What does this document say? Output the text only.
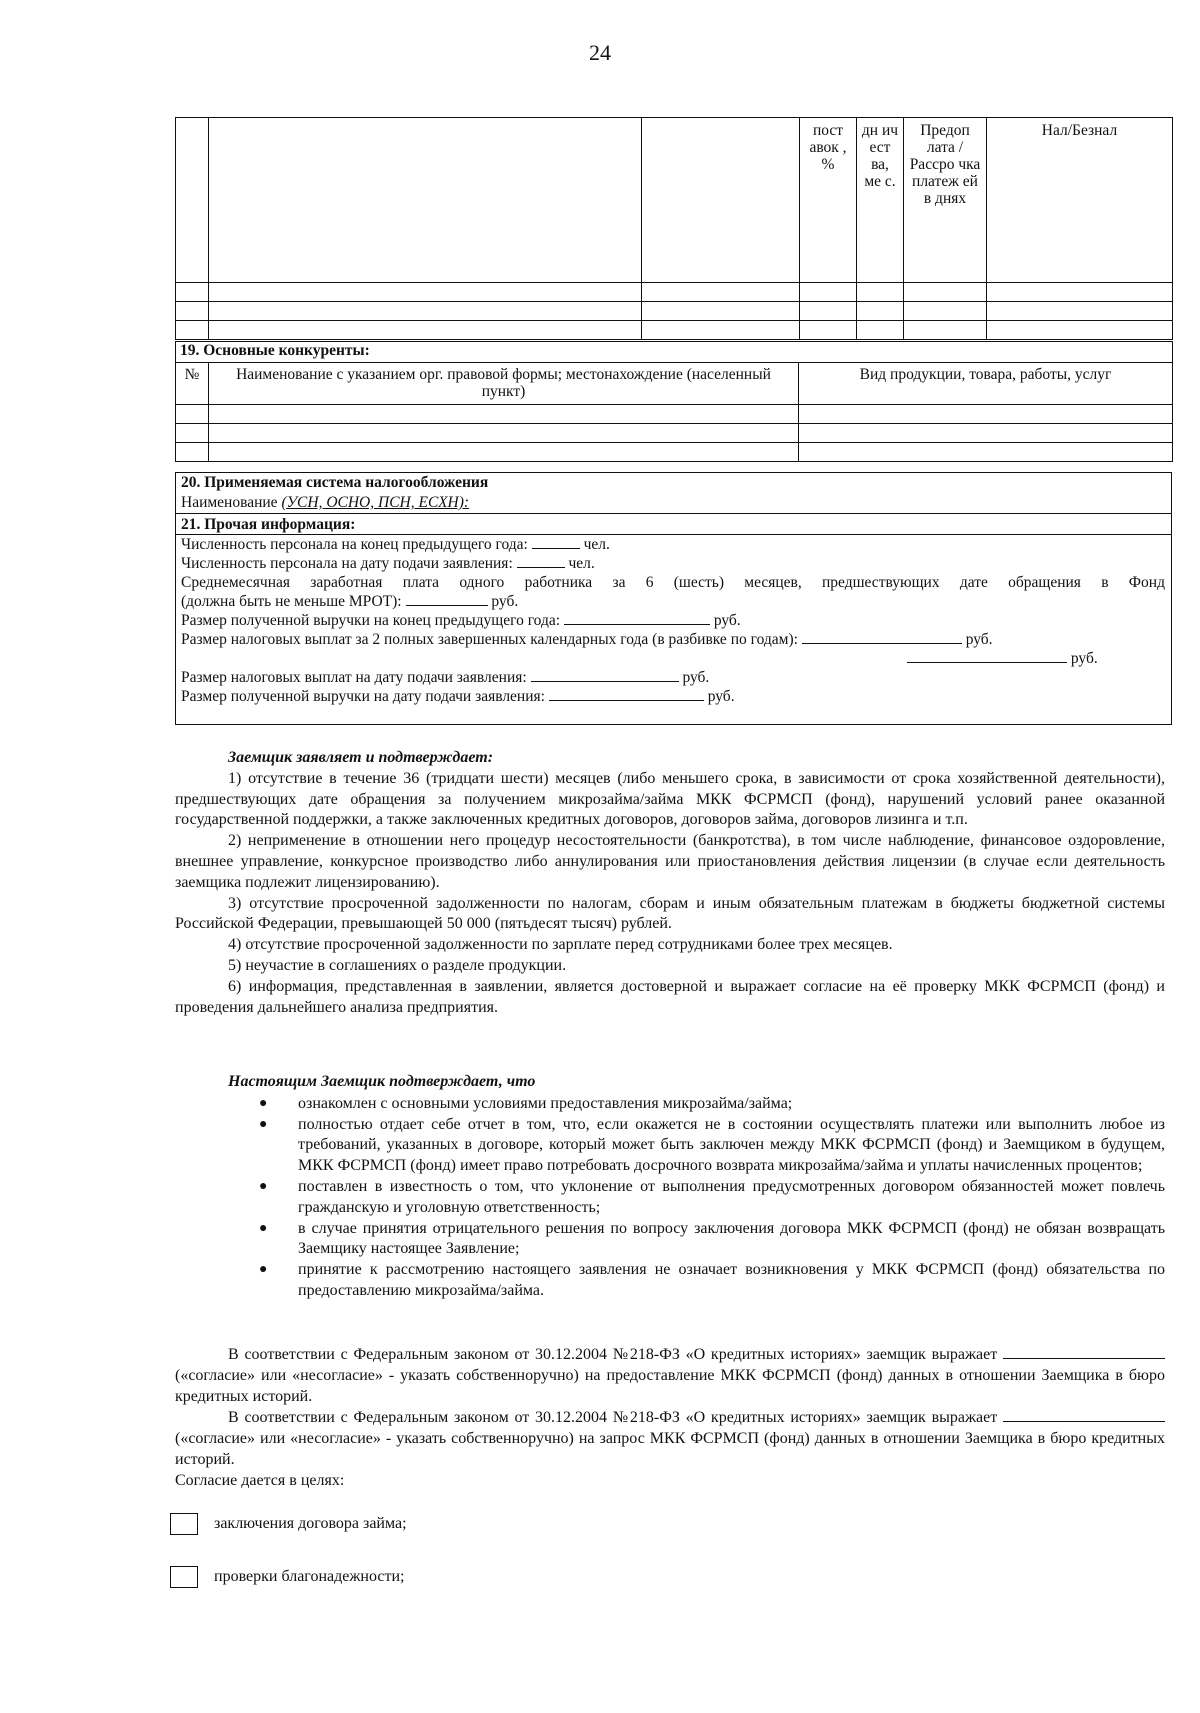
24
			пост авок , %	дн ич ест ва, ме с.	Предоп лата / Рассро чка платеж ей в днях	Нал/Безнал

19. Основные конкуренты:		
№	Наименование с указанием орг. правовой формы; местонахождение (населенный пункт)	Вид продукции, товара, работы, услуг

20. Применяемая система налогообложения
Наименование (УСН, ОСНО, ПСН, ЕСХН):
21. Прочая информация:
Численность персонала на конец предыдущего года:	чел.
Численность персонала на дату подачи заявления:	чел.
Среднемесячная заработная плата одного работника за 6 (шесть) месяцев, предшествующих дате обращения в Фонд
(должна быть не меньше МРОТ):	руб.
Размер полученной выручки на конец предыдущего года:	руб.
Размер налоговых выплат за 2 полных завершенных календарных года (в разбивке по годам):	руб.
руб.
Размер налоговых выплат на дату подачи заявления:	руб.
Размер полученной выручки на дату подачи заявления:	руб.
Заемщик заявляет и подтверждает:

1) отсутствие в течение 36 (тридцати шести) месяцев (либо меньшего срока, в зависимости от срока хозяйственной деятельности), предшествующих дате обращения за получением микрозайма/займа МКК ФСРМСП (фонд), нарушений условий ранее оказанной государственной поддержки, а также заключенных кредитных договоров, договоров займа, договоров лизинга и т.п.

2) неприменение в отношении него процедур несостоятельности (банкротства), в том числе наблюдение, финансовое оздоровление, внешнее управление, конкурсное производство либо аннулирования или приостановления действия лицензии (в случае если деятельность заемщика подлежит лицензированию).

3) отсутствие просроченной задолженности по налогам, сборам и иным обязательным платежам в бюджеты бюджетной системы Российской Федерации, превышающей 50 000 (пятьдесят тысяч) рублей.

4) отсутствие просроченной задолженности по зарплате перед сотрудниками более трех месяцев.

5) неучастие в соглашениях о разделе продукции.

6) информация, представленная в заявлении, является достоверной и выражает согласие на её проверку МКК ФСРМСП (фонд) и проведения дальнейшего анализа предприятия.

Настоящим Заемщик подтверждает, что
● ознакомлен с основными условиями предоставления микрозайма/займа;
● полностью отдает себе отчет в том, что, если окажется не в состоянии осуществлять платежи или выполнить любое из требований, указанных в договоре, который может быть заключен между МКК ФСРМСП (фонд) и Заемщиком в будущем, МКК ФСРМСП (фонд) имеет право потребовать досрочного возврата микрозайма/займа и уплаты начисленных процентов;
● поставлен в известность о том, что уклонение от выполнения предусмотренных договором обязанностей может повлечь гражданскую и уголовную ответственность;
● в случае принятия отрицательного решения по вопросу заключения договора МКК ФСРМСП (фонд) не обязан возвращать Заемщику настоящее Заявление;
● принятие к рассмотрению настоящего заявления не означает возникновения у МКК ФСРМСП (фонд) обязательства по предоставлению микрозайма/займа.

В соответствии с Федеральным законом от 30.12.2004 №218-ФЗ «О кредитных историях» заемщик выражает  («согласие» или «несогласие» - указать собственноручно) на предоставление МКК ФСРМСП (фонд) данных в отношении Заемщика в бюро кредитных историй.

В соответствии с Федеральным законом от 30.12.2004 №218-ФЗ «О кредитных историях» заемщик выражает  («согласие» или «несогласие» - указать собственноручно) на запрос МКК ФСРМСП (фонд) данных в отношении Заемщика в бюро кредитных историй.

Согласие дается в целях:

заключения договора займа;
проверки благонадежности;
